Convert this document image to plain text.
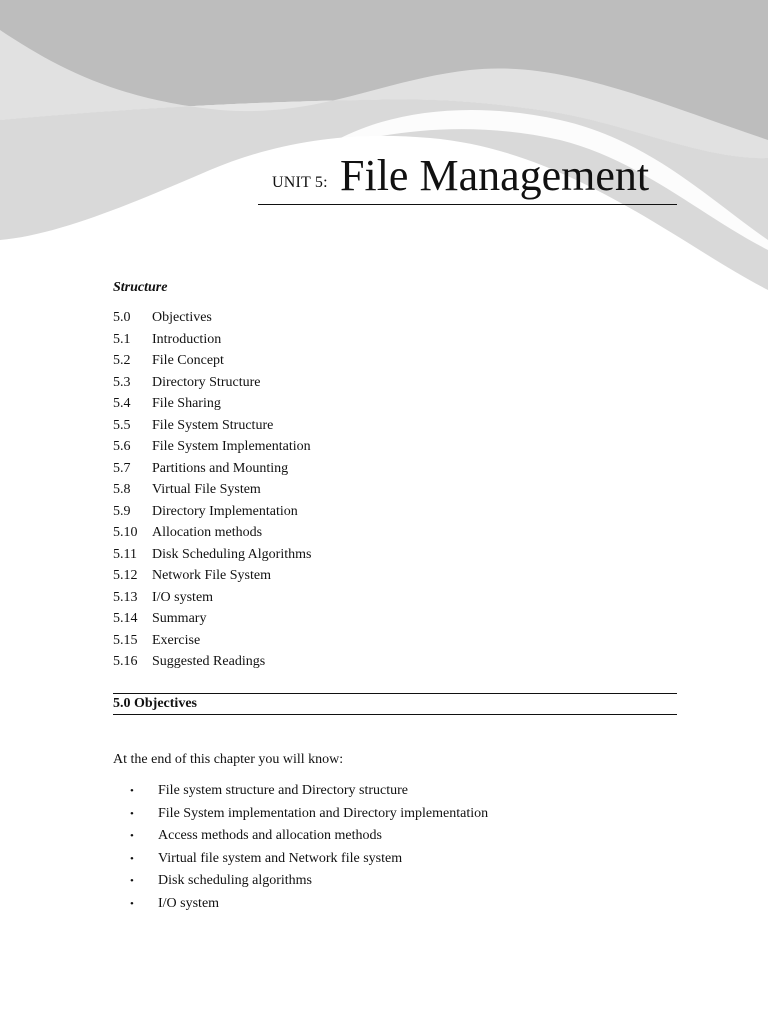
UNIT 5: File Management
Structure
5.0 Objectives
5.1 Introduction
5.2 File Concept
5.3 Directory Structure
5.4 File Sharing
5.5 File System Structure
5.6 File System Implementation
5.7 Partitions and Mounting
5.8 Virtual File System
5.9 Directory Implementation
5.10 Allocation methods
5.11 Disk Scheduling Algorithms
5.12 Network File System
5.13 I/O system
5.14 Summary
5.15 Exercise
5.16 Suggested Readings
5.0 Objectives
At the end of this chapter you will know:
• File system structure and Directory structure
• File System implementation and Directory implementation
• Access methods and allocation methods
• Virtual file system and Network file system
• Disk scheduling algorithms
• I/O system
